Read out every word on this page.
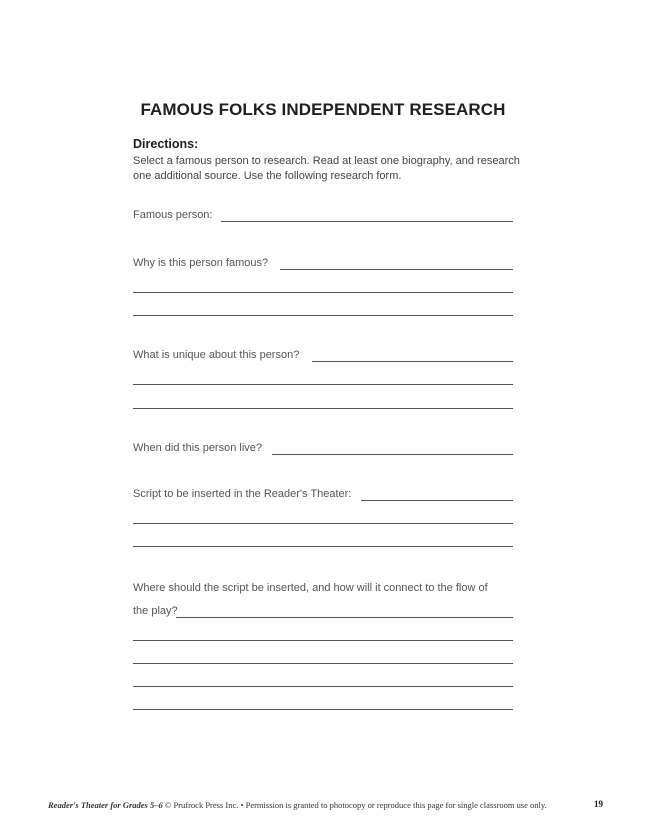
FAMOUS FOLKS INDEPENDENT RESEARCH
Directions:
Select a famous person to research. Read at least one biography, and research one additional source. Use the following research form.
Famous person:
Why is this person famous?
What is unique about this person?
When did this person live?
Script to be inserted in the Reader's Theater:
Where should the script be inserted, and how will it connect to the flow of
the play?
Reader's Theater for Grades 5–6 © Prufrock Press Inc. • Permission is granted to photocopy or reproduce this page for single classroom use only.	19
